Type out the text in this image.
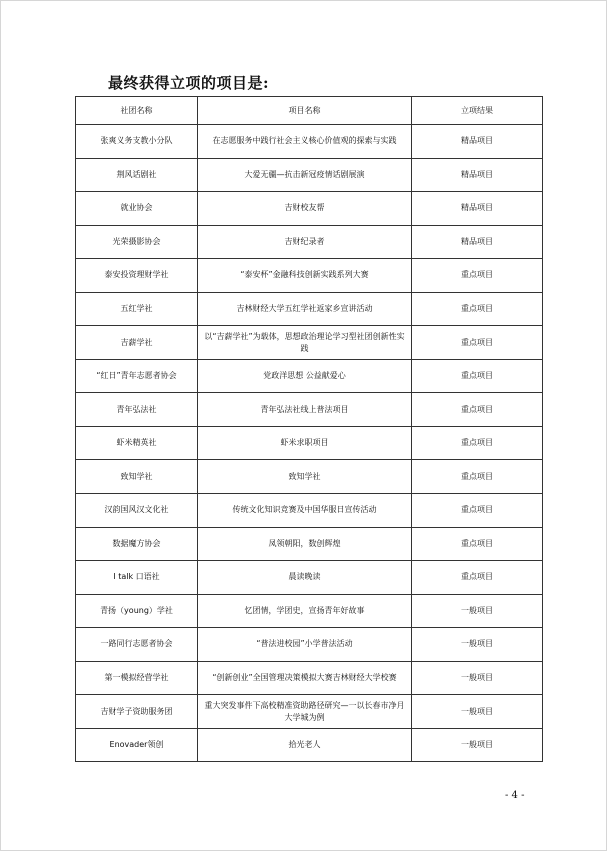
最终获得立项的项目是:
社团名称	项目名称	立项结果
张爽义务支教小分队	在志愿服务中践行社会主义核心价值观的探索与实践	精品项目
荆风话剧社	大爱无疆—抗击新冠疫情话剧展演	精品项目
就业协会	吉财校友帮	精品项目
光荣摄影协会	吉财纪录者	精品项目
泰安投资理财学社	“泰安杯”金融科技创新实践系列大赛	重点项目
五红学社	吉林财经大学五红学社返家乡宣讲活动	重点项目
吉薪学社	以“吉薪学社”为载体，思想政治理论学习型社团创新性实践	重点项目
“红日”青年志愿者协会	党政洋思想 公益献爱心	重点项目
青年弘法社	青年弘法社线上普法项目	重点项目
虾米精英社	虾米求职项目	重点项目
致知学社	致知学社	重点项目
汉韵国风汉文化社	传统文化知识竞赛及中国华服日宣传活动	重点项目
数据魔方协会	凤领朝阳，数创辉煌	重点项目
I talk 口语社	晨读晚读	重点项目
青扬（young）学社	忆团情，学团史，宣扬青年好故事	一般项目
一路同行志愿者协会	“普法进校园”小学普法活动	一般项目
第一模拟经营学社	“创新创业”全国管理决策模拟大赛吉林财经大学校赛	一般项目
吉财学子资助服务团	重大突发事件下高校精准资助路径研究—一以长春市净月大学城为例	一般项目
Enovader领创	拾光老人	一般项目
- 4 -
